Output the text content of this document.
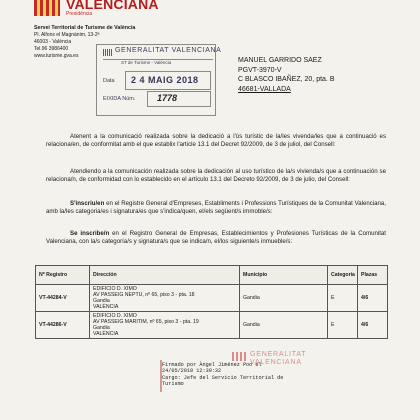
VALENCIANA
Presidència
Servei Territorial de Turisme de València
Pl. Alfons el Magnànim, 13-2ª
46003 - València
Tel.96 3986400
www.turisme.gva.es
GENERALITAT VALENCIANA
ST de Turisme - València
Data 2 4 MAIG 2018
EIXIDA Núm. 1778
MANUEL GARRIDO SAEZ
PGVT-3970-V
C BLASCO IBAÑEZ, 20, pta. B
46681-VALLADA
Atenent a la comunicació realizada sobre la dedicació a l'ús turístic de la/les vivenda/les que a continuació es relaciona/en, de conformitat amb el que establix l'article 13.1 del Decret 92/2009, de 3 de juliol, del Consell:
Atendiendo a la comunicación realizada sobre la dedicación al uso turístico de la/s vivienda/s que a continuación se relaciona/n, de conformidad con lo establecido en el artículo 13.1 del Decreto 92/2009, de 3 de julio, del Consell:
S'inscriu/en en el Registre General d'Empreses, Establiments i Professions Turístiques de la Comunitat Valenciana, amb la/les categoria/es i signatura/es que s'indica/quen, el/els següent/s immoble/s:
Se inscribe/n en el Registro General de Empresas, Establecimientos y Profesiones Turísticas de la Comunitat Valenciana, con la/s categoría/s y signatura/s que se indica/n, el/los siguiente/s inmueble/s:
Nº Registro	Dirección	Municipio	Categoría	Plazas
VT-44284-V	EDIFICIO D. XIMO
AV PASSEIG NEPTU, nº 65, piso 3 - pta. 18
Gandia
VALÈNCIA	Gandia	E	4/6
VT-44286-V	EDIFICIO D. XIMO
AV PASSEIG MARITIM, nº 65, piso 3 - pta. 19
Gandia
VALÈNCIA	Gandia	E	4/6
Firmado por Àngel Jiménez Poo el
24/05/2018 12:39:32
Cargo: Jefe del Servicio Territorial de
Turismo
GENERALITAT
VALENCIANA
